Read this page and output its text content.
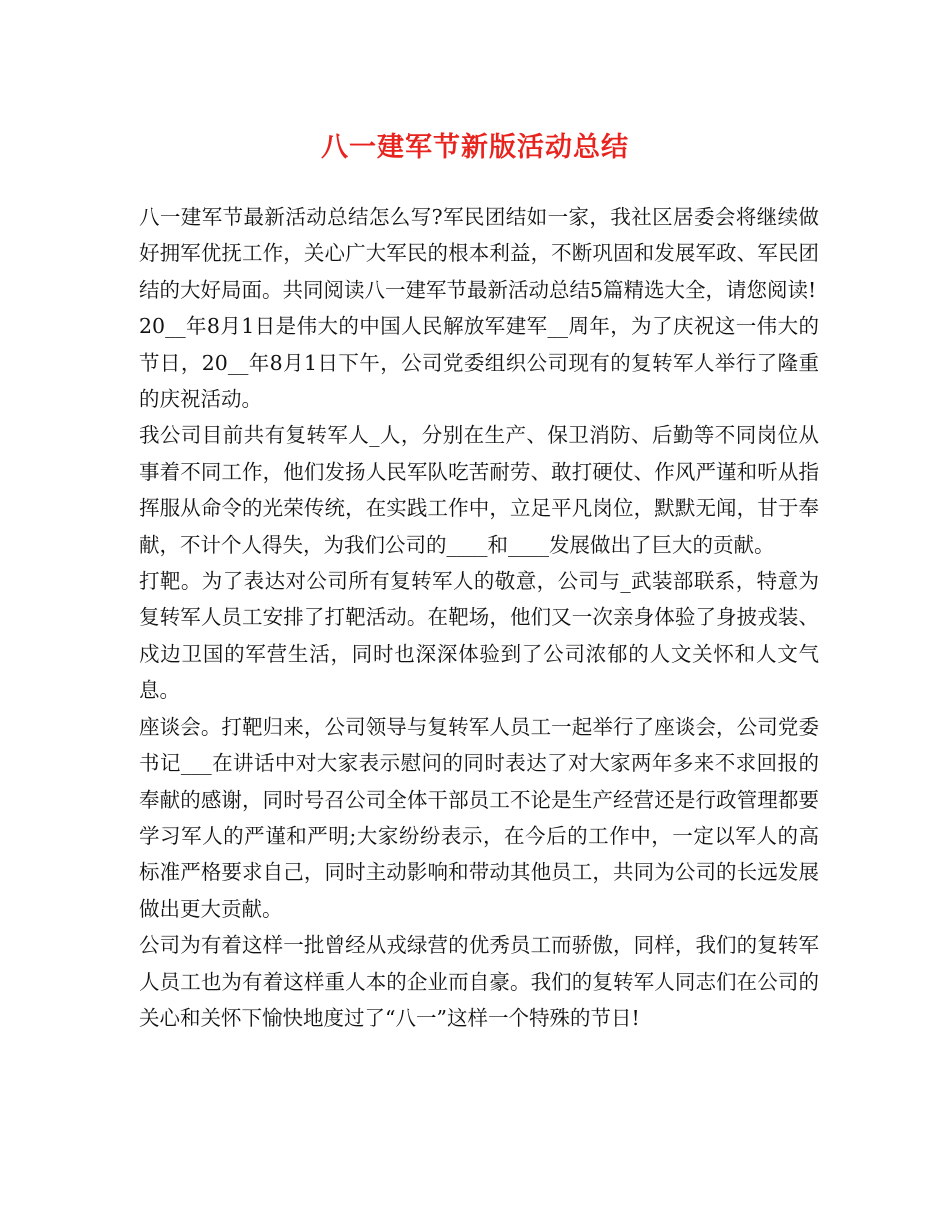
八一建军节新版活动总结

八一建军节最新活动总结怎么写?军民团结如一家，我社区居委会将继续做好拥军优抚工作，关心广大军民的根本利益，不断巩固和发展军政、军民团结的大好局面。共同阅读八一建军节最新活动总结5篇精选大全，请您阅读!

20__年8月1日是伟大的中国人民解放军建军__周年，为了庆祝这一伟大的节日，20__年8月1日下午，公司党委组织公司现有的复转军人举行了隆重的庆祝活动。

我公司目前共有复转军人_人，分别在生产、保卫消防、后勤等不同岗位从事着不同工作，他们发扬人民军队吃苦耐劳、敢打硬仗、作风严谨和听从指挥服从命令的光荣传统，在实践工作中，立足平凡岗位，默默无闻，甘于奉献，不计个人得失，为我们公司的____和____发展做出了巨大的贡献。

打靶。为了表达对公司所有复转军人的敬意，公司与_武装部联系，特意为复转军人员工安排了打靶活动。在靶场，他们又一次亲身体验了身披戎装、戍边卫国的军营生活，同时也深深体验到了公司浓郁的人文关怀和人文气息。

座谈会。打靶归来，公司领导与复转军人员工一起举行了座谈会，公司党委书记___在讲话中对大家表示慰问的同时表达了对大家两年多来不求回报的奉献的感谢，同时号召公司全体干部员工不论是生产经营还是行政管理都要学习军人的严谨和严明;大家纷纷表示，在今后的工作中，一定以军人的高标准严格要求自己，同时主动影响和带动其他员工，共同为公司的长远发展做出更大贡献。

公司为有着这样一批曾经从戎绿营的优秀员工而骄傲，同样，我们的复转军人员工也为有着这样重人本的企业而自豪。我们的复转军人同志们在公司的关心和关怀下愉快地度过了“八一”这样一个特殊的节日!
